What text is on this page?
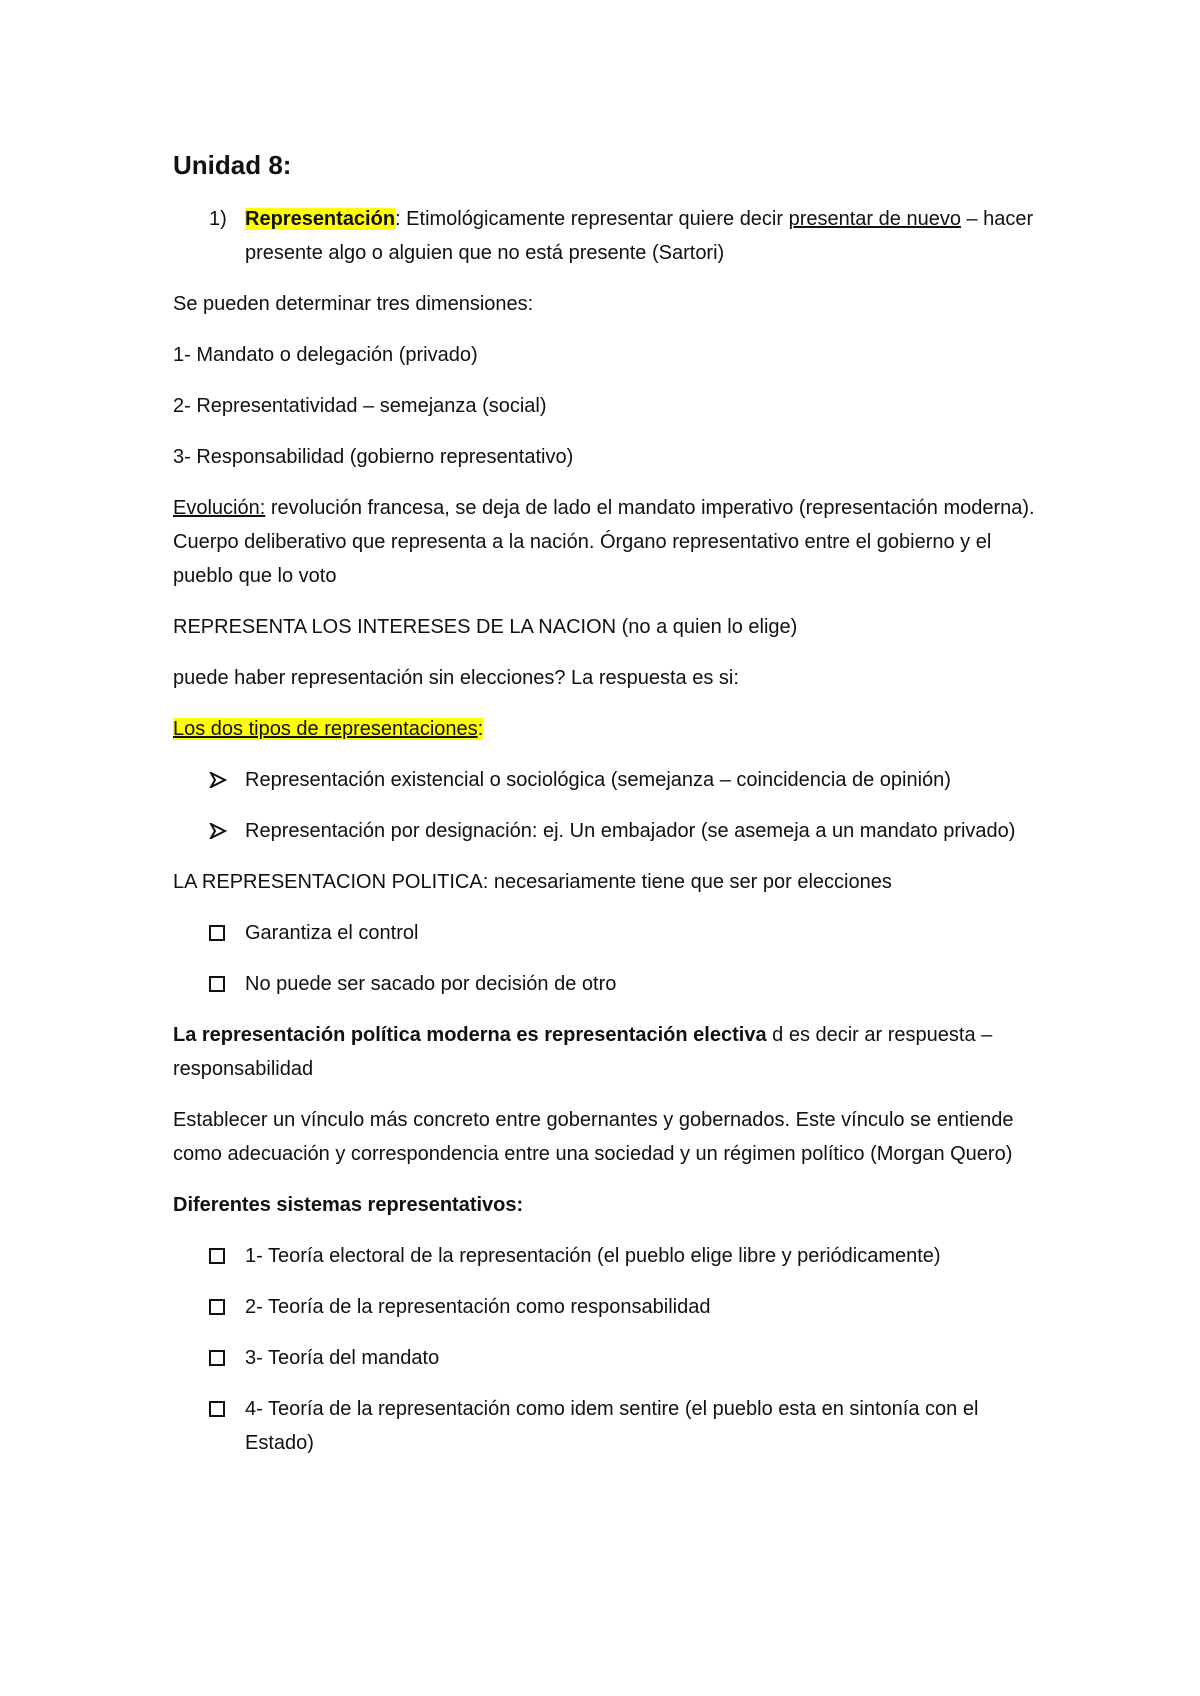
Unidad 8:
1) Representación: Etimológicamente representar quiere decir presentar de nuevo – hacer presente algo o alguien que no está presente (Sartori)

Se pueden determinar tres dimensiones:

1- Mandato o delegación (privado)

2- Representatividad – semejanza (social)

3- Responsabilidad (gobierno representativo)

Evolución: revolución francesa, se deja de lado el mandato imperativo (representación moderna). Cuerpo deliberativo que representa a la nación. Órgano representativo entre el gobierno y el pueblo que lo voto

REPRESENTA LOS INTERESES DE LA NACION (no a quien lo elige)

puede haber representación sin elecciones? La respuesta es si:

Los dos tipos de representaciones:

Representación existencial o sociológica (semejanza – coincidencia de opinión)
Representación por designación: ej. Un embajador (se asemeja a un mandato privado)

LA REPRESENTACION POLITICA: necesariamente tiene que ser por elecciones

Garantiza el control
No puede ser sacado por decisión de otro

La representación política moderna es representación electiva d es decir ar respuesta – responsabilidad

Establecer un vínculo más concreto entre gobernantes y gobernados. Este vínculo se entiende como adecuación y correspondencia entre una sociedad y un régimen político (Morgan Quero)

Diferentes sistemas representativos:

1- Teoría electoral de la representación (el pueblo elige libre y periódicamente)
2- Teoría de la representación como responsabilidad
3- Teoría del mandato
4- Teoría de la representación como idem sentire (el pueblo esta en sintonía con el Estado)
